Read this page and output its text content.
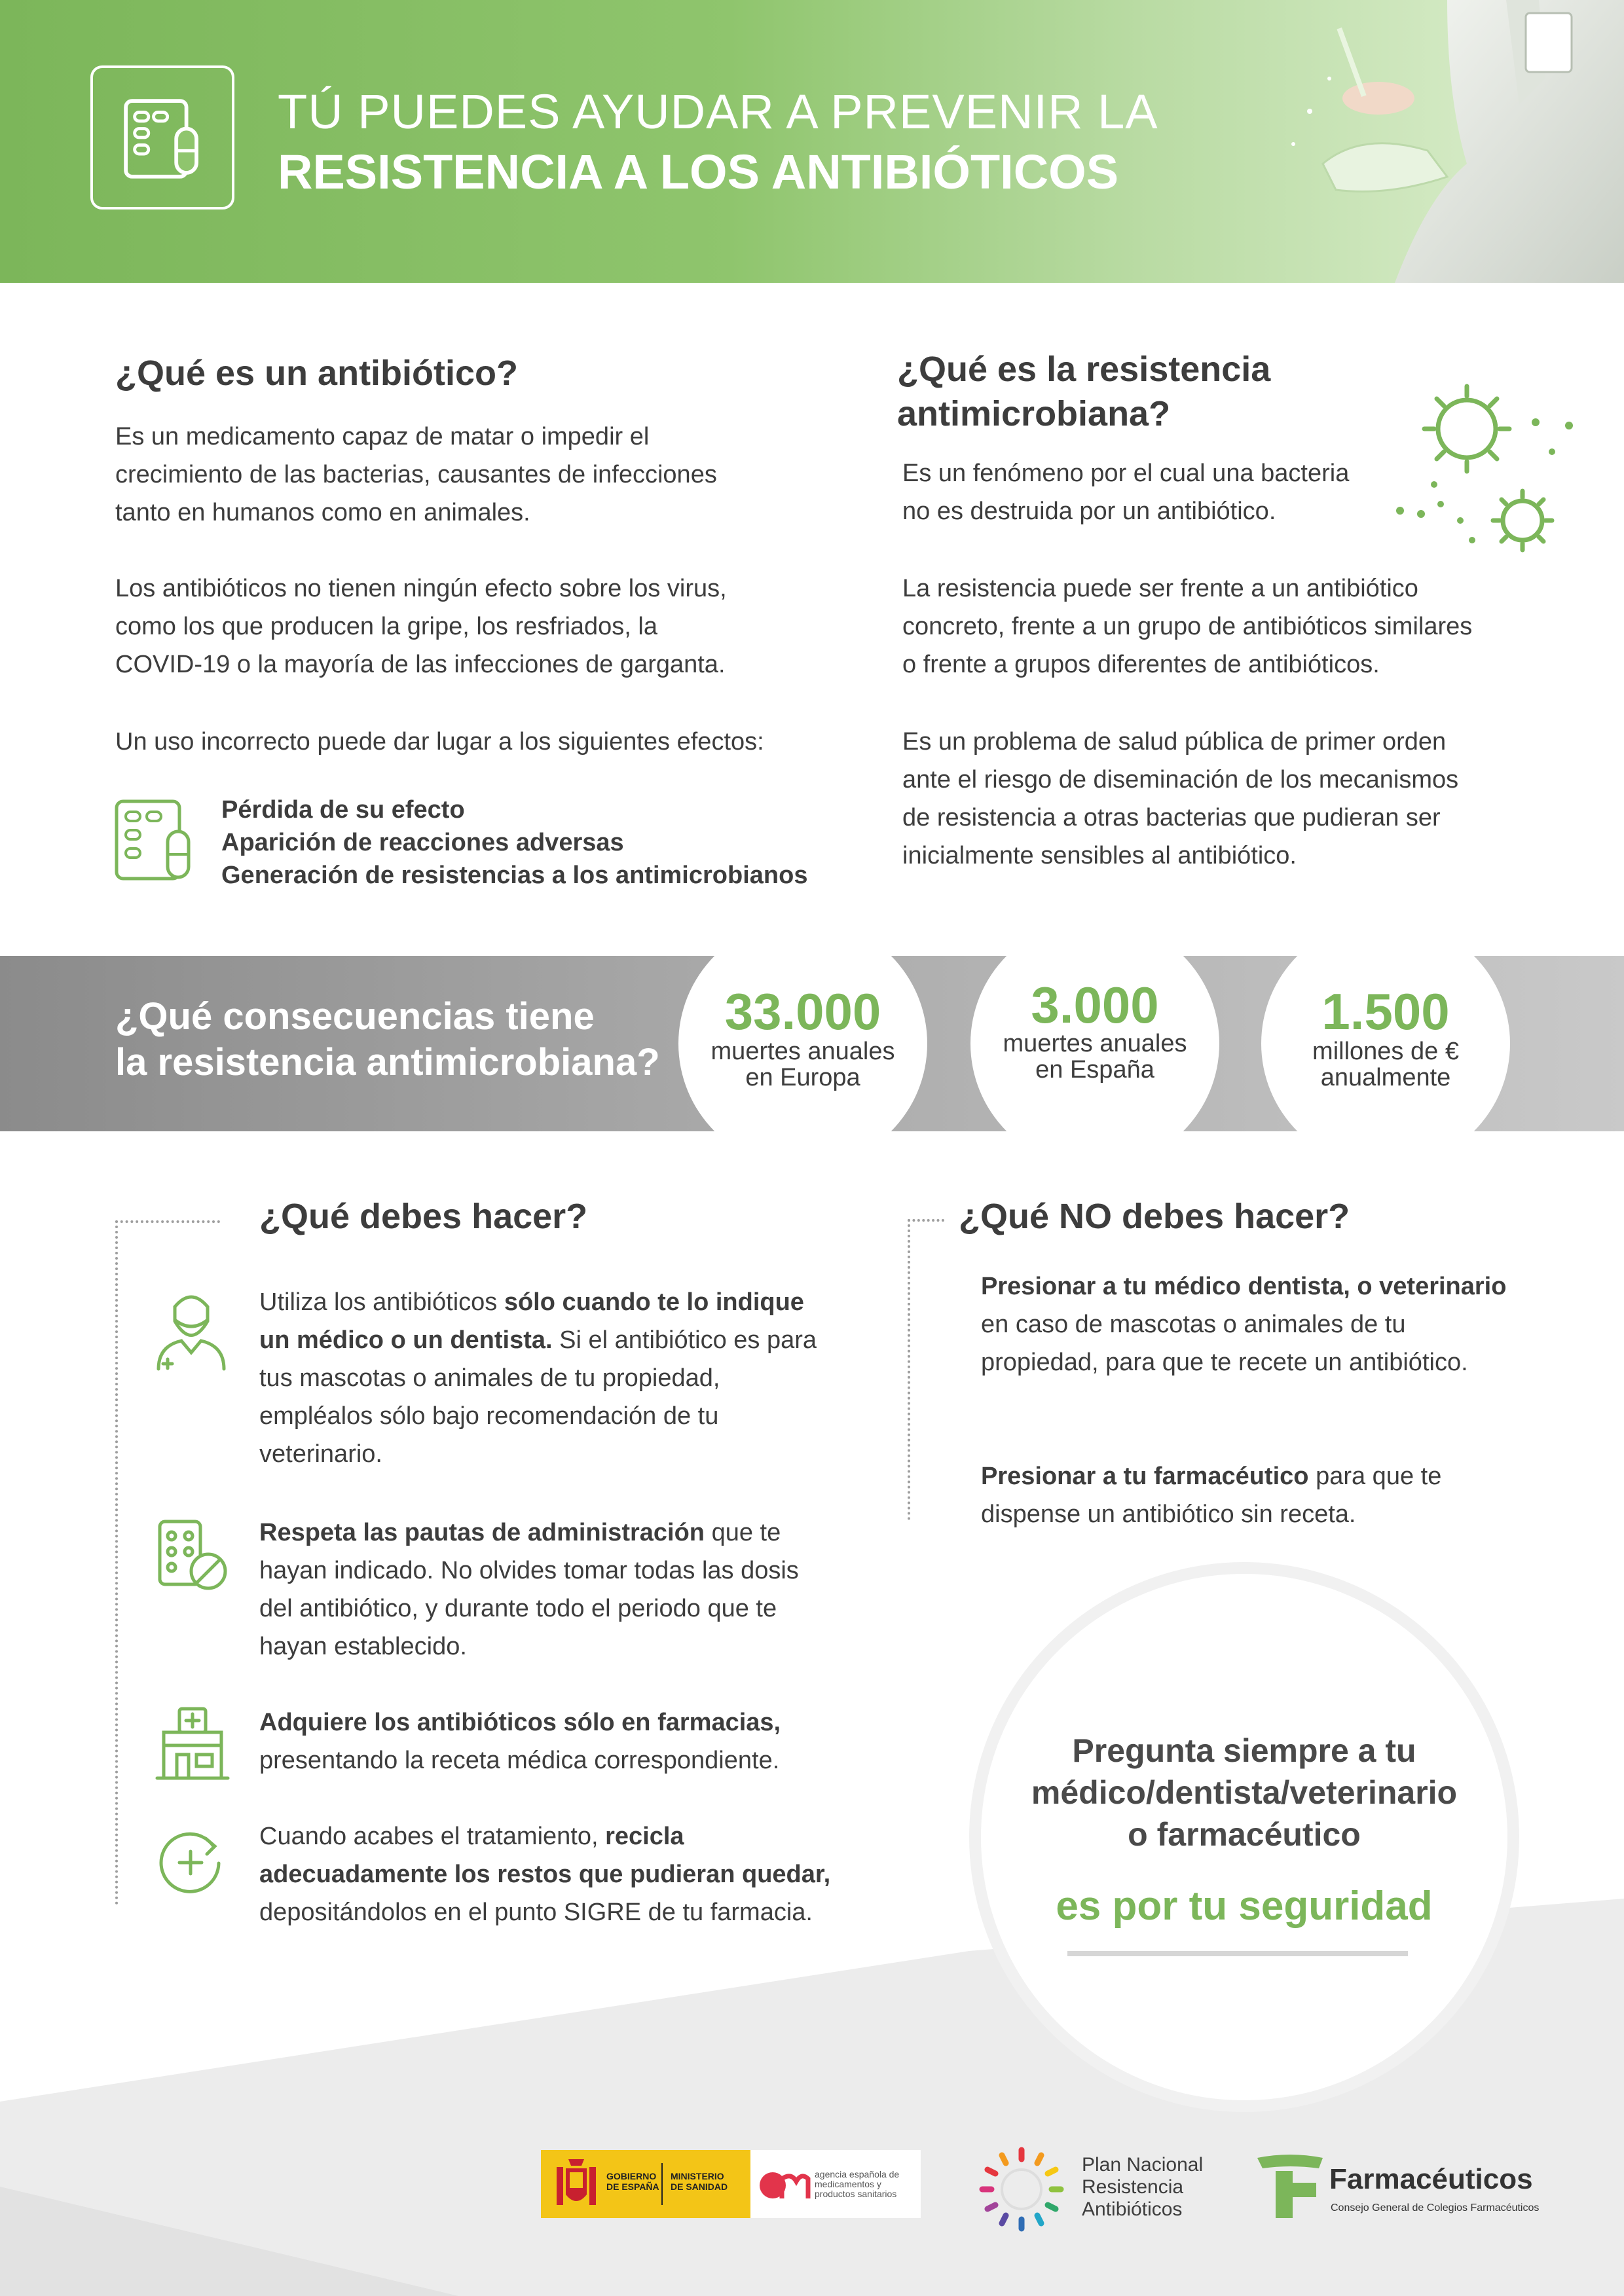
TÚ PUEDES AYUDAR A PREVENIR LA
RESISTENCIA A LOS ANTIBIÓTICOS
¿Qué es un antibiótico?
Es un medicamento capaz de matar o impedir el
crecimiento de las bacterias, causantes de infecciones
tanto en humanos como en animales.
Los antibióticos no tienen ningún efecto sobre los virus,
como los que producen la gripe, los resfriados, la
COVID-19 o la mayoría de las infecciones de garganta.
Un uso incorrecto puede dar lugar a los siguientes efectos:
Pérdida de su efecto
Aparición de reacciones adversas
Generación de resistencias a los antimicrobianos
¿Qué es la resistencia
antimicrobiana?
Es un fenómeno por el cual una bacteria
no es destruida por un antibiótico.
La resistencia puede ser frente a un antibiótico
concreto, frente a un grupo de antibióticos similares
o frente a grupos diferentes de antibióticos.
Es un problema de salud pública de primer orden
ante el riesgo de diseminación de los mecanismos
de resistencia a otras bacterias que pudieran ser
inicialmente sensibles al antibiótico.
¿Qué consecuencias tiene
la resistencia antimicrobiana?
33.000
muertes anuales
en Europa
3.000
muertes anuales
en España
1.500
millones de €
anualmente
¿Qué debes hacer?
Utiliza los antibióticos sólo cuando te lo indique un médico o un dentista. Si el antibiótico es para tus mascotas o animales de tu propiedad, empléalos sólo bajo recomendación de tu veterinario.
Respeta las pautas de administración que te hayan indicado. No olvides tomar todas las dosis del antibiótico, y durante todo el periodo que te hayan establecido.
Adquiere los antibióticos sólo en farmacias, presentando la receta médica correspondiente.
Cuando acabes el tratamiento, recicla adecuadamente los restos que pudieran quedar, depositándolos en el punto SIGRE de tu farmacia.
¿Qué NO debes hacer?
Presionar a tu médico dentista, o veterinario en caso de mascotas o animales de tu propiedad, para que te recete un antibiótico.
Presionar a tu farmacéutico para que te dispense un antibiótico sin receta.
Pregunta siempre a tu
médico/dentista/veterinario
o farmacéutico
es por tu seguridad
GOBIERNO
DE ESPAÑA
MINISTERIO
DE SANIDAD
agencia española de
medicamentos y
productos sanitarios
Plan Nacional
Resistencia
Antibióticos
Farmacéuticos
Consejo General de Colegios Farmacéuticos
